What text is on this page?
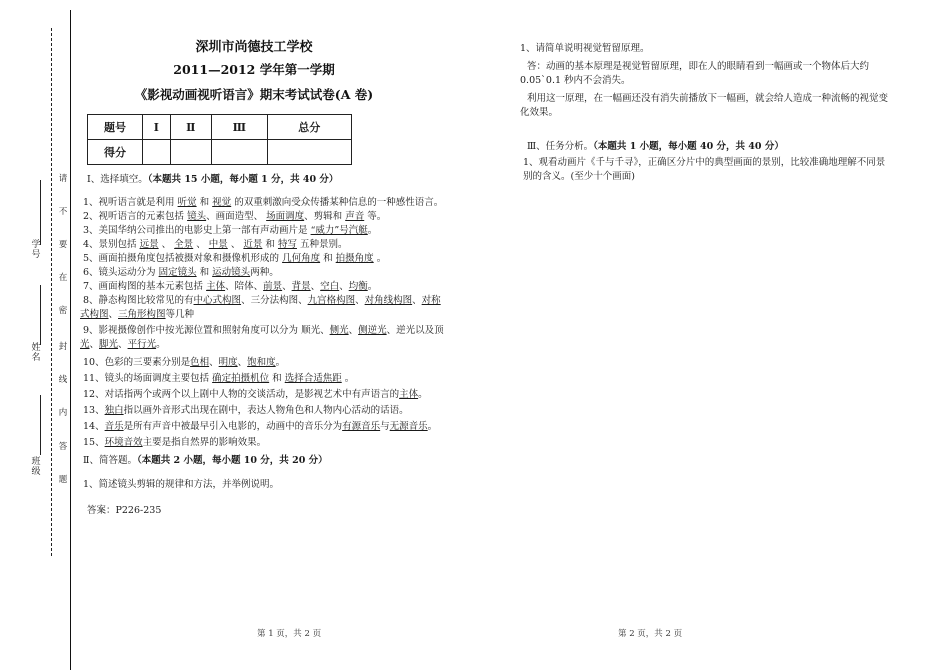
学号
姓名
班级
请
不
要
在
密
封
线
内
答
题
深圳市尚德技工学校
2011—2012 学年第一学期
《影视动画视听语言》期末考试试卷(A 卷)
题号	I	Ⅱ	Ⅲ	总分
得分				
Ⅰ、选择填空。（本题共 15 小题，每小题 1 分，共 40 分）
1、视听语言就是利用 听觉 和 视觉 的双重刺激向受众传播某种信息的一种感性语言。
2、视听语言的元素包括 镜头、画面造型、 场面调度、剪辑和 声音 等。
3、美国华纳公司推出的电影史上第一部有声动画片是 “威力”号汽艇。
4、景别包括 远景 、 全景 、 中景 、 近景 和 特写 五种景别。
5、画面拍摄角度包括被摄对象和摄像机形成的 几何角度 和 拍摄角度 。
6、镜头运动分为 固定镜头 和 运动镜头两种。
7、画面构图的基本元素包括 主体、陪体、前景、背景、空白、均衡。
8、静态构图比较常见的有中心式构图、三分法构图、九宫格构图、对角线构图、对称
式构图、三角形构图等几种
9、影视摄像创作中按光源位置和照射角度可以分为 顺光、侧光、侧逆光、逆光以及顶
光、脚光、平行光。
10、色彩的三要素分别是色相、明度、饱和度。
11、镜头的场面调度主要包括 确定拍摄机位 和 选择合适焦距 。
12、对话指两个或两个以上剧中人物的交谈活动，是影视艺术中有声语言的主体。
13、独白指以画外音形式出现在剧中，表达人物角色和人物内心活动的话语。
14、音乐是所有声音中被最早引入电影的，动画中的音乐分为有源音乐与无源音乐。
15、环境音效主要是指自然界的影响效果。
Ⅱ、简答题。（本题共 2 小题，每小题 10 分，共 20 分）
1、简述镜头剪辑的规律和方法，并举例说明。
答案：P226-235
1、请简单说明视觉暂留原理。
答：动画的基本原理是视觉暂留原理，即在人的眼睛看到一幅画或一个物体后大约
0.05`0.1 秒内不会消失。
利用这一原理，在一幅画还没有消失前播放下一幅画，就会给人造成一种流畅的视觉变
化效果。
Ⅲ、任务分析。（本题共 1 小题，每小题 40 分，共 40 分）
1、观看动画片《千与千寻》，正确区分片中的典型画面的景别，比较准确地理解不同景
别的含义。(至少十个画面)
第 1 页，共 2 页	第 2 页，共 2 页
